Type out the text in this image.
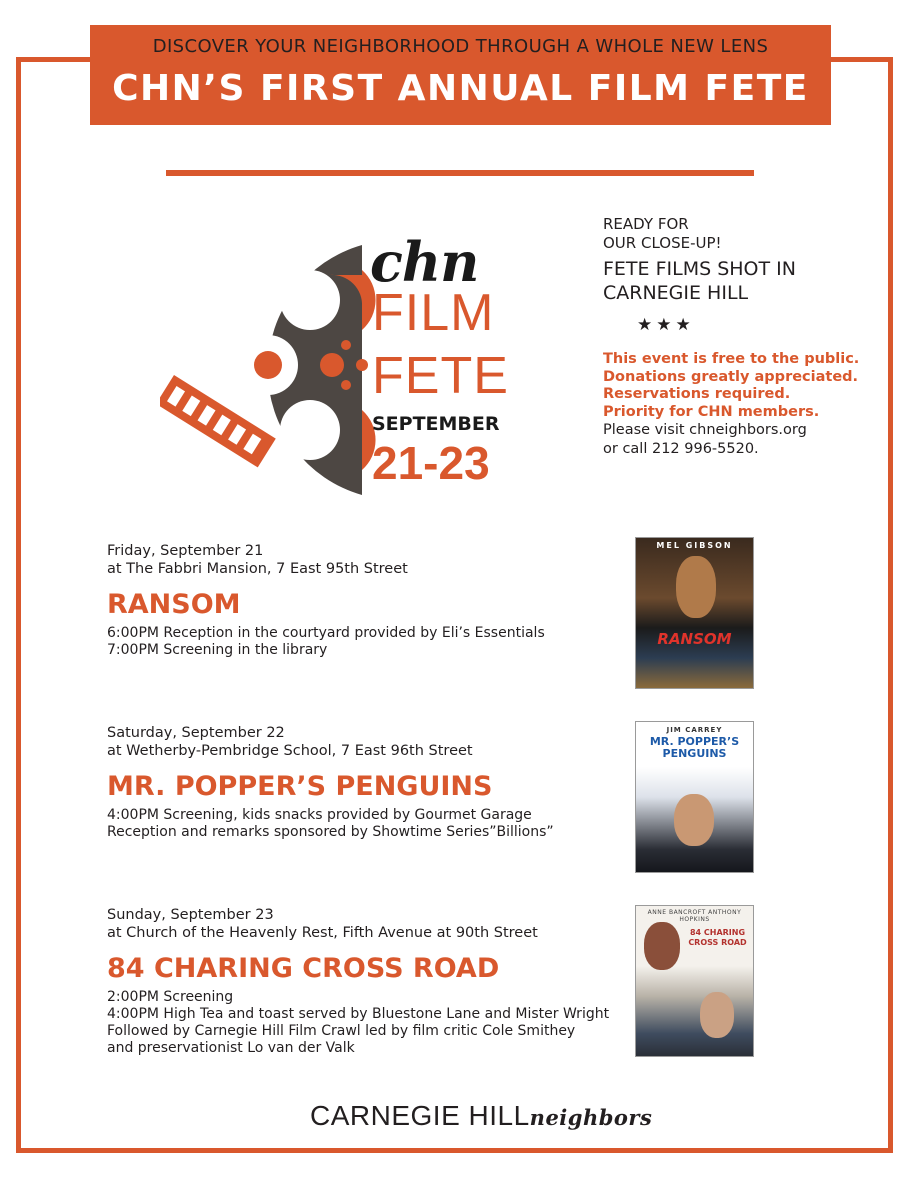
DISCOVER YOUR NEIGHBORHOOD THROUGH A WHOLE NEW LENS
CHN’S FIRST ANNUAL FILM FETE
chn
FILM
FETE
SEPTEMBER
21-23
READY FOR
OUR CLOSE-UP!
FETE FILMS SHOT IN
CARNEGIE HILL
★★★
This event is free to the public.
Donations greatly appreciated.
Reservations required.
Priority for CHN members.
Please visit chneighbors.org
or call 212 996-5520.
Friday, September 21
at The Fabbri Mansion, 7 East 95th Street
RANSOM
6:00PM Reception in the courtyard provided by Eli’s Essentials
7:00PM Screening in the library
MEL GIBSON
RANSOM
Saturday, September 22
at Wetherby-Pembridge School, 7 East 96th Street
MR. POPPER’S PENGUINS
4:00PM Screening, kids snacks provided by Gourmet Garage
Reception and remarks sponsored by Showtime Series”Billions”
JIM CARREY
MR. POPPER’S PENGUINS
Sunday, September 23
at Church of the Heavenly Rest, Fifth Avenue at 90th Street
84 CHARING CROSS ROAD
2:00PM Screening
4:00PM High Tea and toast served by Bluestone Lane and Mister Wright
Followed by Carnegie Hill Film Crawl led by film critic Cole Smithey
and preservationist Lo van der Valk
ANNE BANCROFT ANTHONY HOPKINS
84 CHARING CROSS ROAD
CARNEGIE HILLneighbors
